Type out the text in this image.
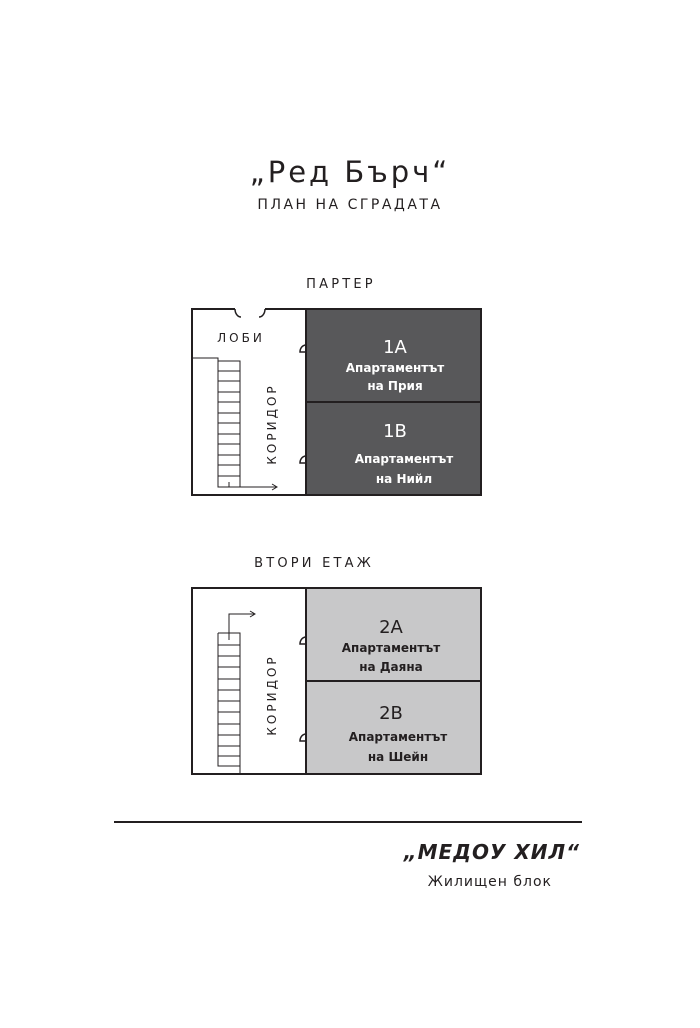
„Ред Бърч“
ПЛАН НА СГРАДАТА
ПАРТЕР
ВТОРИ ЕТАЖ
ЛОБИ
КОРИДОР
1A
Апартаментът
на Прия
1B
Апартаментът
на Нийл
КОРИДОР
2A
Апартаментът
на Даяна
2B
Апартаментът
на Шейн
„МЕДОУ ХИЛ“
Жилищен блок
